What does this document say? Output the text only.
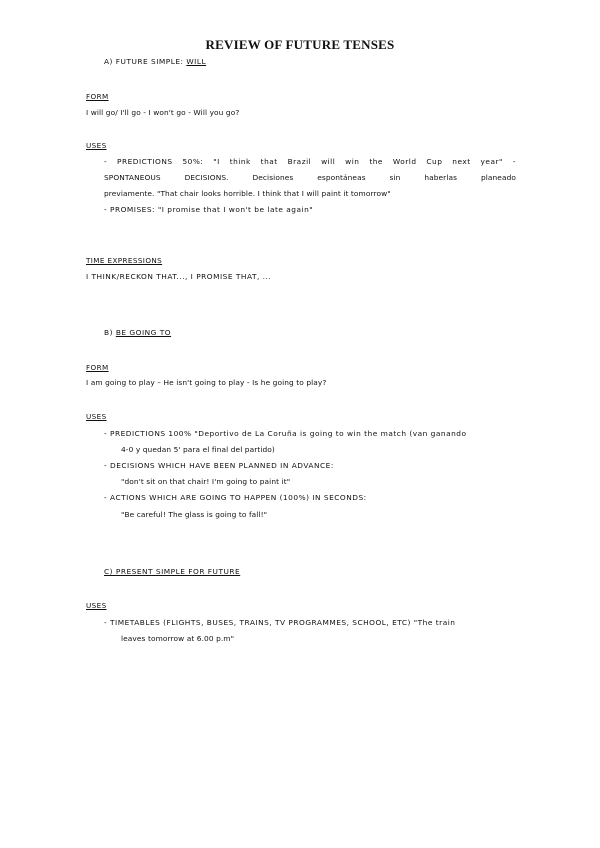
REVIEW OF FUTURE TENSES
A) FUTURE SIMPLE: WILL
FORM
I will go/ I'll go - I won't go - Will you go?
USES
- PREDICTIONS 50%: "I think that Brazil will win the World Cup next year" -
SPONTANEOUS DECISIONS. Decisiones espontáneas sin haberlas planeado
previamente. "That chair looks horrible. I think that I will paint it tomorrow"
- PROMISES: "I promise that I won't be late again"
TIME EXPRESSIONS
I THINK/RECKON THAT..., I PROMISE THAT, ...
B) BE GOING TO
FORM
I am going to play – He isn't going to play - Is he going to play?
USES
- PREDICTIONS 100% "Deportivo de La Coruña is going to win the match (van ganando
4-0 y quedan 5' para el final del partido)
- DECISIONS WHICH HAVE BEEN PLANNED IN ADVANCE:
"don't sit on that chair! I'm going to paint it"
- ACTIONS WHICH ARE GOING TO HAPPEN (100%) IN SECONDS:
"Be careful! The glass is going to fall!"
C) PRESENT SIMPLE FOR FUTURE
USES
- TIMETABLES (FLIGHTS, BUSES, TRAINS, TV PROGRAMMES, SCHOOL, ETC) "The train
leaves tomorrow at 6.00 p.m"
